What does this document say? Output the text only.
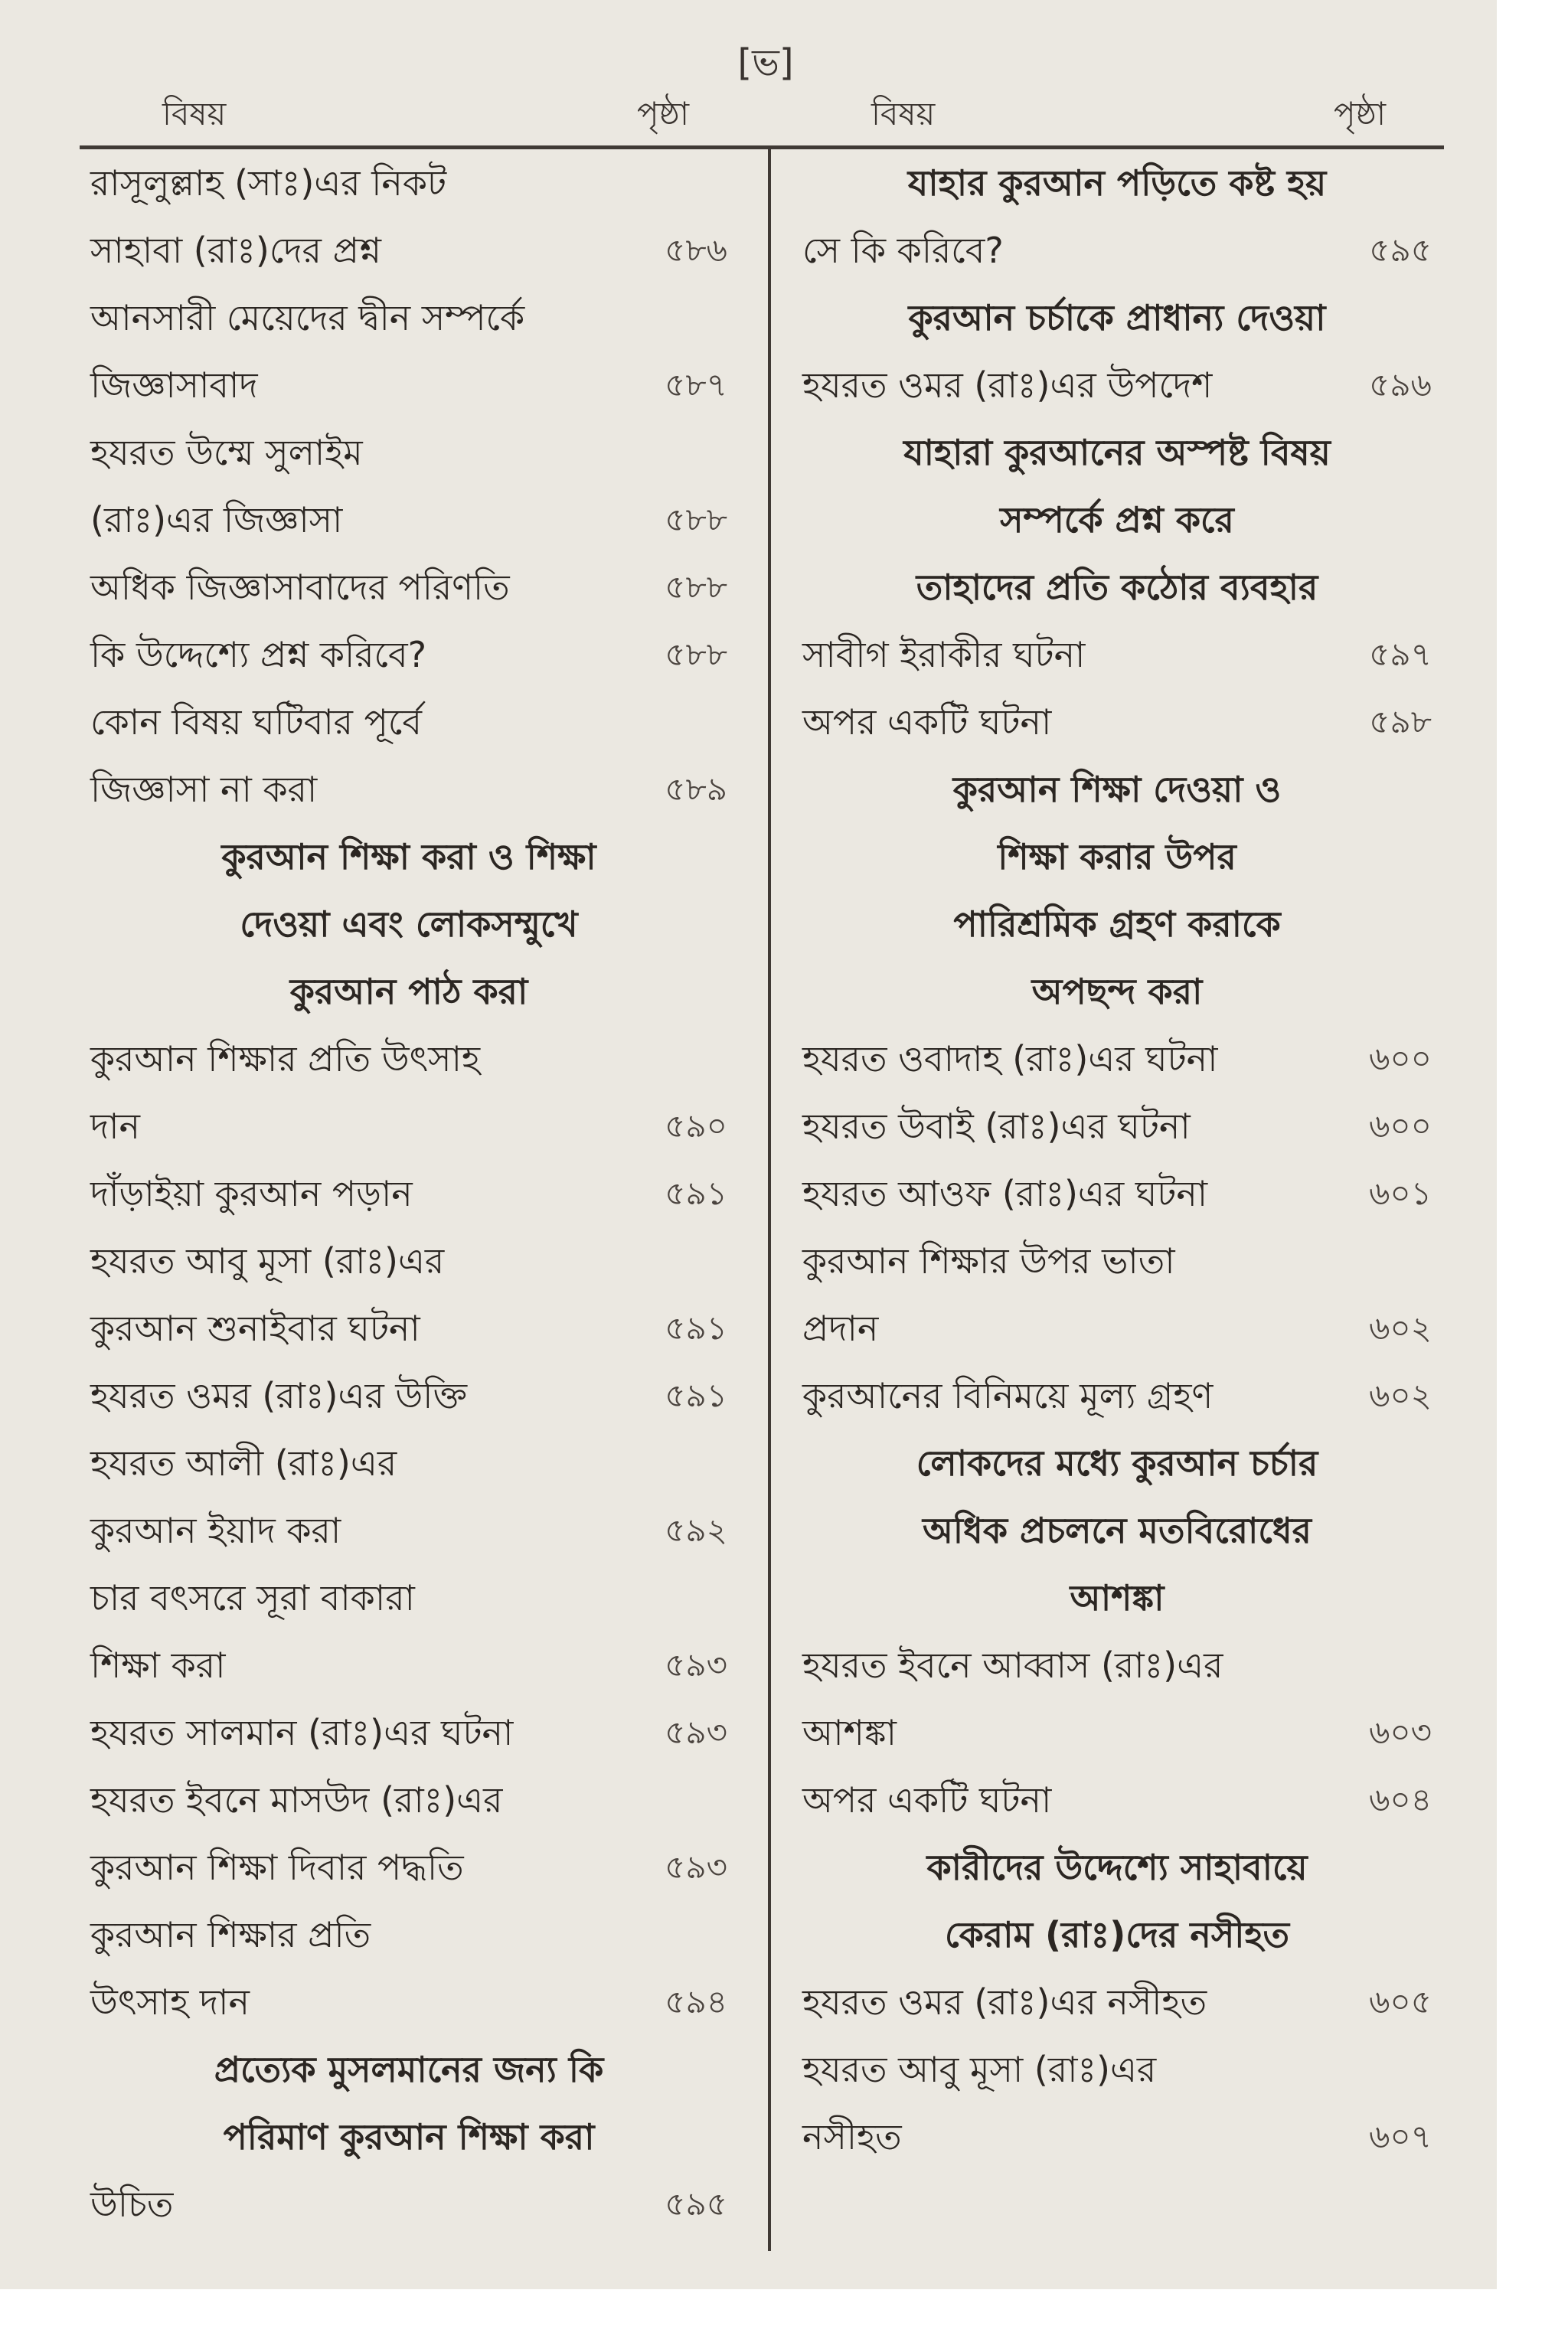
[ভ]
বিষয়	পৃষ্ঠা	বিষয়	পৃষ্ঠা
রাসূলুল্লাহ (সাঃ)এর নিকট
সাহাবা (রাঃ)দের প্রশ্ন	৫৮৬
আনসারী মেয়েদের দ্বীন সম্পর্কে
জিজ্ঞাসাবাদ	৫৮৭
হযরত উম্মে সুলাইম
(রাঃ)এর জিজ্ঞাসা	৫৮৮
অধিক জিজ্ঞাসাবাদের পরিণতি	৫৮৮
কি উদ্দেশ্যে প্রশ্ন করিবে?	৫৮৮
কোন বিষয় ঘটিবার পূর্বে
জিজ্ঞাসা না করা	৫৮৯
কুরআন শিক্ষা করা ও শিক্ষা
দেওয়া এবং লোকসম্মুখে
কুরআন পাঠ করা
কুরআন শিক্ষার প্রতি উৎসাহ
দান	৫৯০
দাঁড়াইয়া কুরআন পড়ান	৫৯১
হযরত আবু মূসা (রাঃ)এর
কুরআন শুনাইবার ঘটনা	৫৯১
হযরত ওমর (রাঃ)এর উক্তি	৫৯১
হযরত আলী (রাঃ)এর
কুরআন ইয়াদ করা	৫৯২
চার বৎসরে সূরা বাকারা
শিক্ষা করা	৫৯৩
হযরত সালমান (রাঃ)এর ঘটনা	৫৯৩
হযরত ইবনে মাসউদ (রাঃ)এর
কুরআন শিক্ষা দিবার পদ্ধতি	৫৯৩
কুরআন শিক্ষার প্রতি
উৎসাহ দান	৫৯৪
প্রত্যেক মুসলমানের জন্য কি
পরিমাণ কুরআন শিক্ষা করা
উচিত	৫৯৫
যাহার কুরআন পড়িতে কষ্ট হয়
সে কি করিবে?	৫৯৫
কুরআন চর্চাকে প্রাধান্য দেওয়া
হযরত ওমর (রাঃ)এর উপদেশ	৫৯৬
যাহারা কুরআনের অস্পষ্ট বিষয়
সম্পর্কে প্রশ্ন করে
তাহাদের প্রতি কঠোর ব্যবহার
সাবীগ ইরাকীর ঘটনা	৫৯৭
অপর একটি ঘটনা	৫৯৮
কুরআন শিক্ষা দেওয়া ও
শিক্ষা করার উপর
পারিশ্রমিক গ্রহণ করাকে
অপছন্দ করা
হযরত ওবাদাহ (রাঃ)এর ঘটনা	৬০০
হযরত উবাই (রাঃ)এর ঘটনা	৬০০
হযরত আওফ (রাঃ)এর ঘটনা	৬০১
কুরআন শিক্ষার উপর ভাতা
প্রদান	৬০২
কুরআনের বিনিময়ে মূল্য গ্রহণ	৬০২
লোকদের মধ্যে কুরআন চর্চার
অধিক প্রচলনে মতবিরোধের
আশঙ্কা
হযরত ইবনে আব্বাস (রাঃ)এর
আশঙ্কা	৬০৩
অপর একটি ঘটনা	৬০৪
কারীদের উদ্দেশ্যে সাহাবায়ে
কেরাম (রাঃ)দের নসীহত
হযরত ওমর (রাঃ)এর নসীহত	৬০৫
হযরত আবু মূসা (রাঃ)এর
নসীহত	৬০৭
